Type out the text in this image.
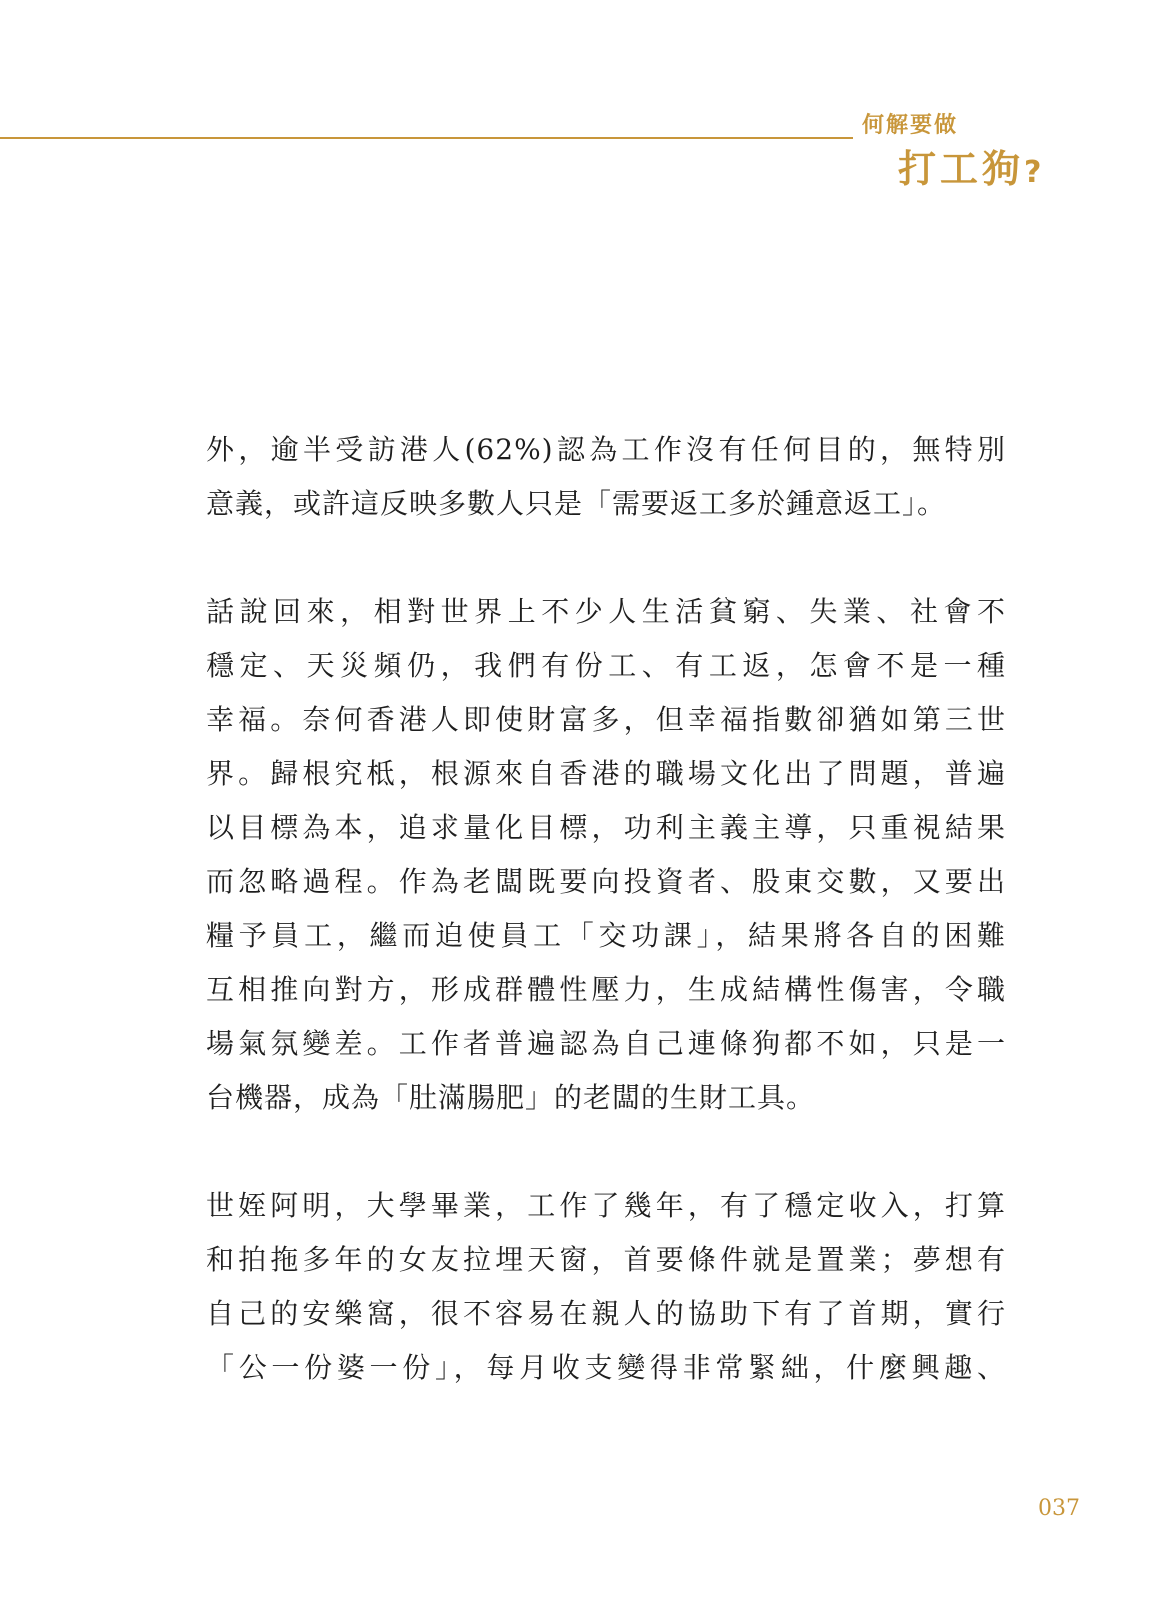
何解要做
打工狗?
外，逾半受訪港人(62%)認為工作沒有任何目的，無特別
意義，或許這反映多數人只是「需要返工多於鍾意返工」。
話說回來，相對世界上不少人生活貧窮、失業、社會不
穩定、天災頻仍，我們有份工、有工返，怎會不是一種
幸福。奈何香港人即使財富多，但幸福指數卻猶如第三世
界。歸根究柢，根源來自香港的職場文化出了問題，普遍
以目標為本，追求量化目標，功利主義主導，只重視結果
而忽略過程。作為老闆既要向投資者、股東交數，又要出
糧予員工，繼而迫使員工「交功課」，結果將各自的困難
互相推向對方，形成群體性壓力，生成結構性傷害，令職
場氣氛變差。工作者普遍認為自己連條狗都不如，只是一
台機器，成為「肚滿腸肥」的老闆的生財工具。
世姪阿明，大學畢業，工作了幾年，有了穩定收入，打算
和拍拖多年的女友拉埋天窗，首要條件就是置業；夢想有
自己的安樂窩，很不容易在親人的協助下有了首期，實行
「公一份婆一份」，每月收支變得非常緊絀，什麼興趣、
037
